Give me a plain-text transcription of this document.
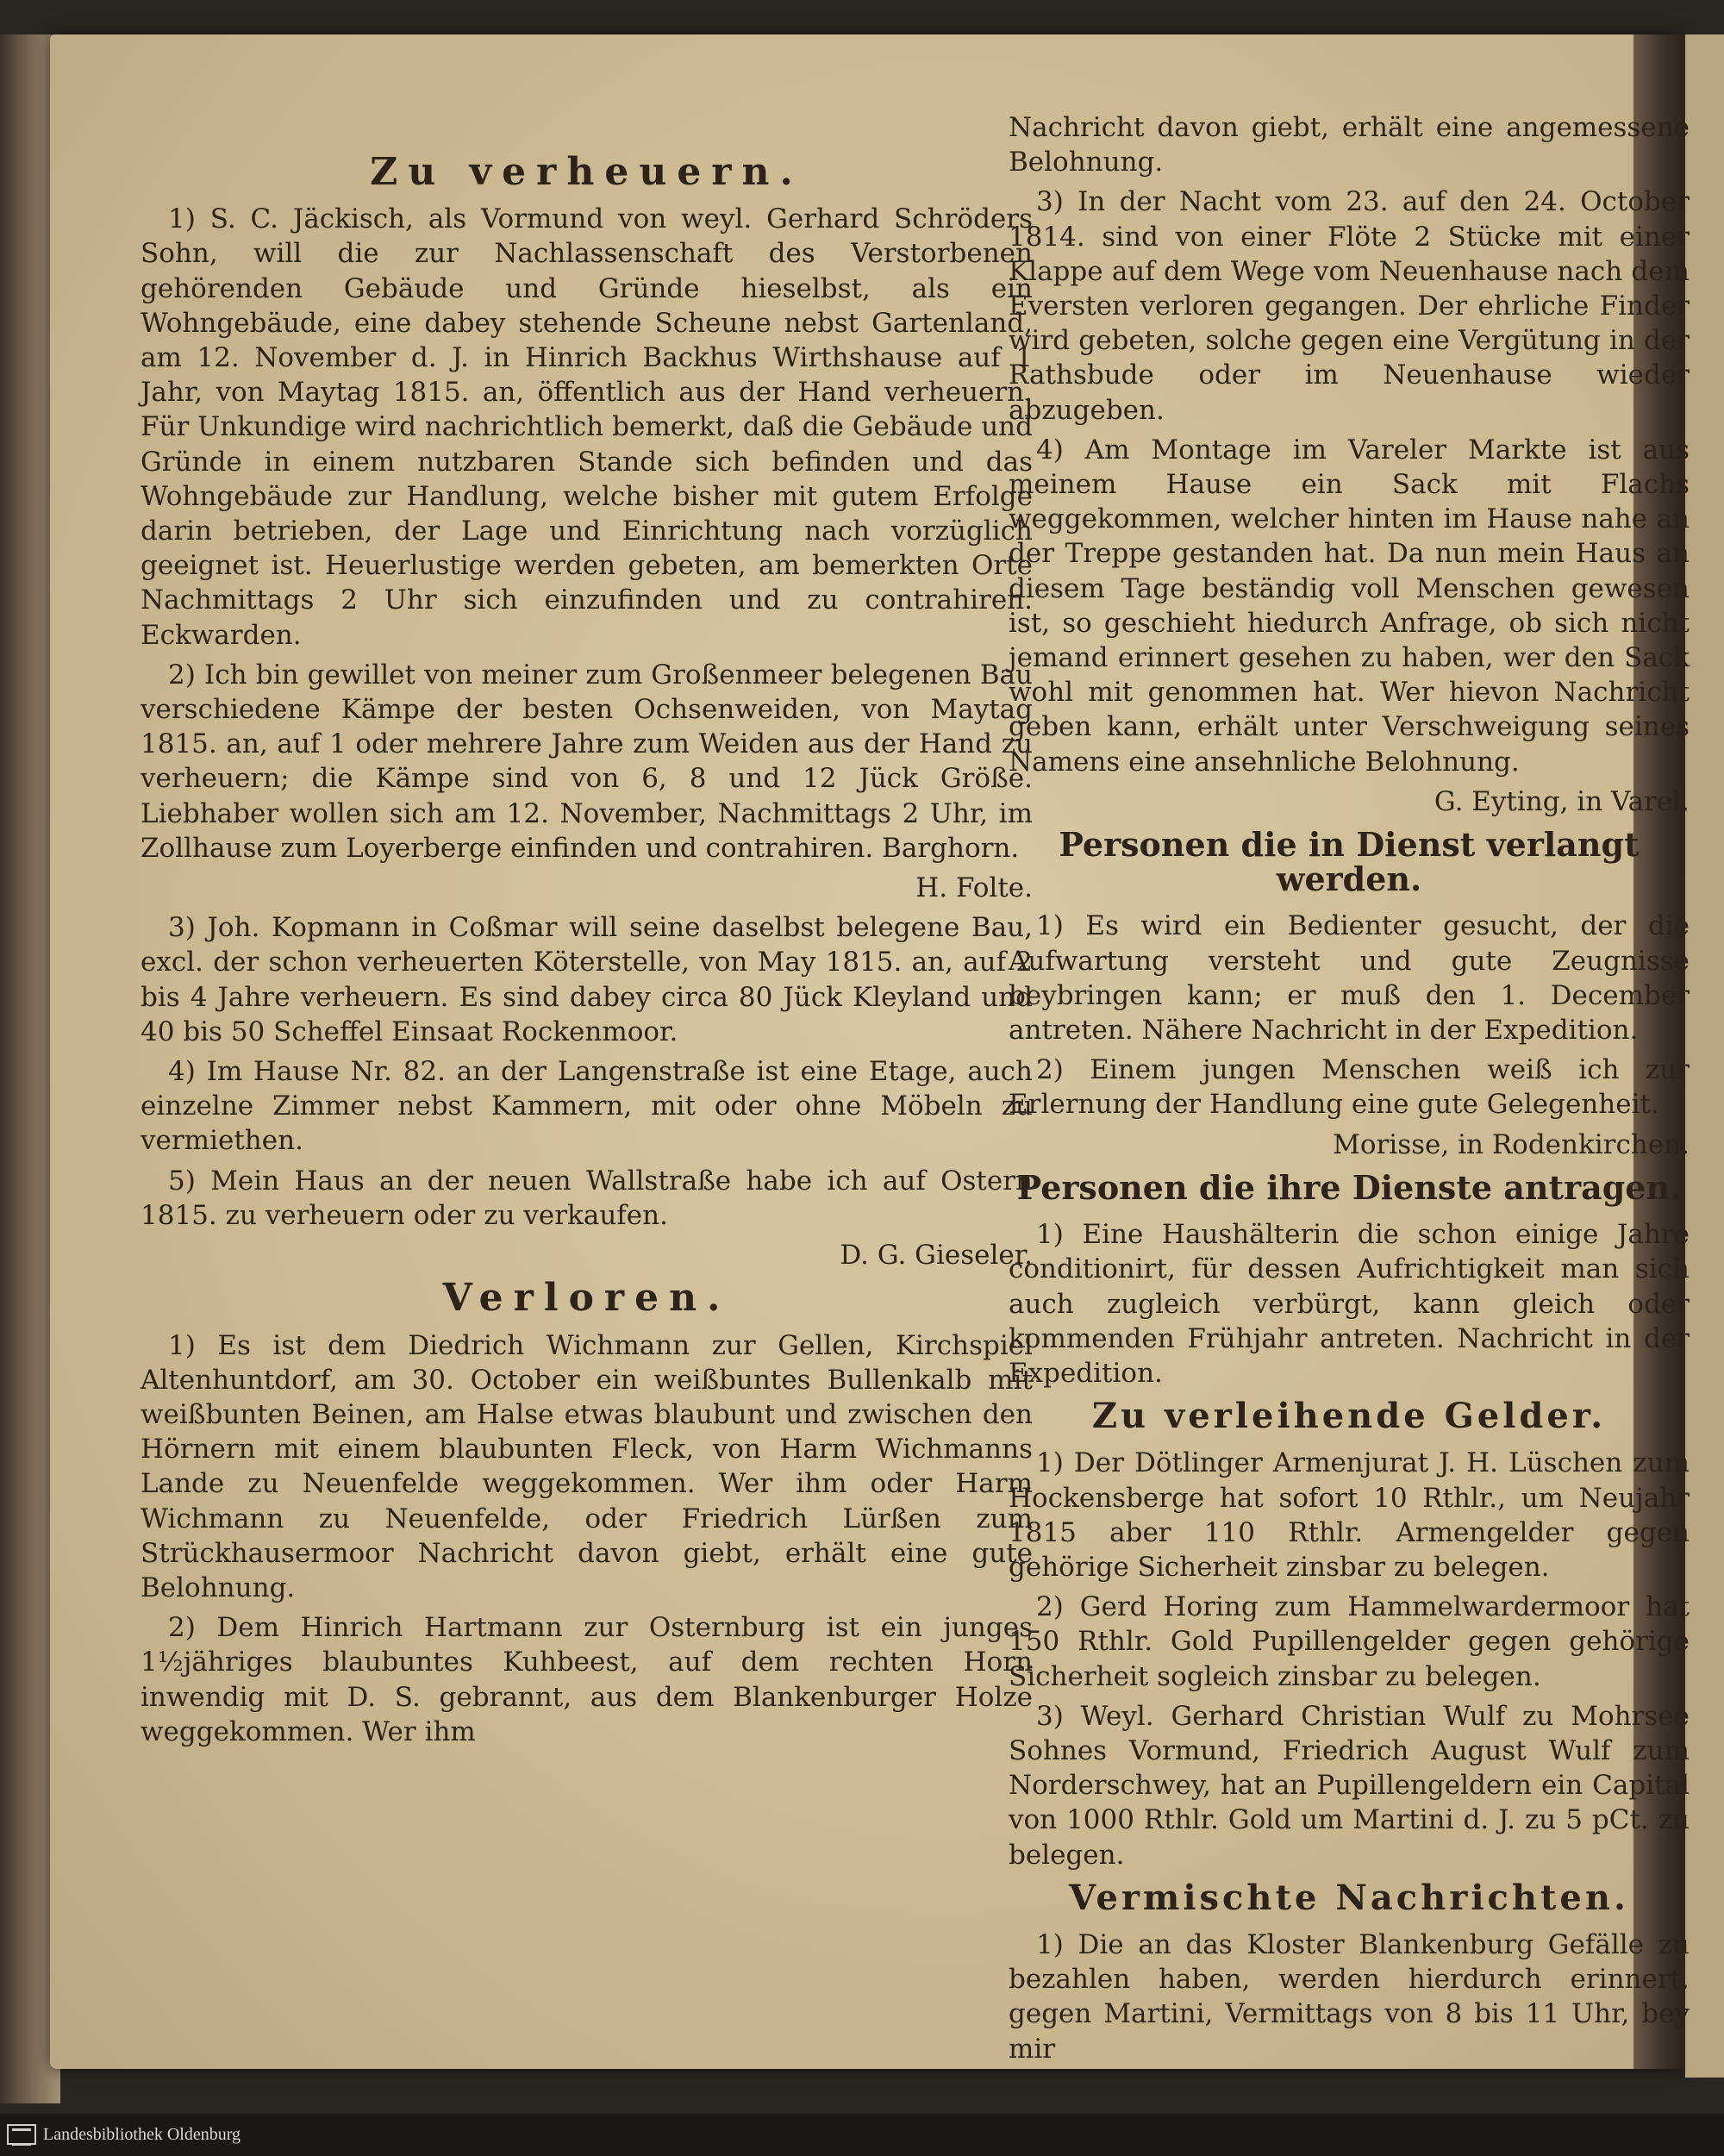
Zu verheuern.

1) S. C. Jäckisch, als Vormund von weyl. Gerhard Schröders Sohn, will die zur Nachlassenschaft des Verstorbenen gehörenden Gebäude und Gründe hieselbst, als ein Wohngebäude, eine dabey stehende Scheune nebst Gartenland, am 12. November d. J. in Hinrich Backhus Wirthshause auf 1 Jahr, von Maytag 1815. an, öffentlich aus der Hand verheuern. Für Unkundige wird nachrichtlich bemerkt, daß die Gebäude und Gründe in einem nutzbaren Stande sich befinden und das Wohngebäude zur Handlung, welche bisher mit gutem Erfolge darin betrieben, der Lage und Einrichtung nach vorzüglich geeignet ist. Heuerlustige werden gebeten, am bemerkten Orte Nachmittags 2 Uhr sich einzufinden und zu contrahiren. Eckwarden.

2) Ich bin gewillet von meiner zum Großenmeer belegenen Bau verschiedene Kämpe der besten Ochsenweiden, von Maytag 1815. an, auf 1 oder mehrere Jahre zum Weiden aus der Hand zu verheuern; die Kämpe sind von 6, 8 und 12 Jück Größe. Liebhaber wollen sich am 12. November, Nachmittags 2 Uhr, im Zollhause zum Loyerberge einfinden und contrahiren. Barghorn.

H. Folte.

3) Joh. Kopmann in Coßmar will seine daselbst belegene Bau, excl. der schon verheuerten Köterstelle, von May 1815. an, auf 2 bis 4 Jahre verheuern. Es sind dabey circa 80 Jück Kleyland und 40 bis 50 Scheffel Einsaat Rockenmoor.

4) Im Hause Nr. 82. an der Langenstraße ist eine Etage, auch einzelne Zimmer nebst Kammern, mit oder ohne Möbeln zu vermiethen.

5) Mein Haus an der neuen Wallstraße habe ich auf Ostern 1815. zu verheuern oder zu verkaufen.

D. G. Gieseler.
Verloren.

1) Es ist dem Diedrich Wichmann zur Gellen, Kirchspiel Altenhuntdorf, am 30. October ein weißbuntes Bullenkalb mit weißbunten Beinen, am Halse etwas blaubunt und zwischen den Hörnern mit einem blaubunten Fleck, von Harm Wichmanns Lande zu Neuenfelde weggekommen. Wer ihm oder Harm Wichmann zu Neuenfelde, oder Friedrich Lürßen zum Strückhausermoor Nachricht davon giebt, erhält eine gute Belohnung.

2) Dem Hinrich Hartmann zur Osternburg ist ein junges 1½jähriges blaubuntes Kuhbeest, auf dem rechten Horn inwendig mit D. S. gebrannt, aus dem Blankenburger Holze weggekommen. Wer ihm

Nachricht davon giebt, erhält eine angemessene Belohnung.

3) In der Nacht vom 23. auf den 24. October 1814. sind von einer Flöte 2 Stücke mit einer Klappe auf dem Wege vom Neuenhause nach dem Eversten verloren gegangen. Der ehrliche Finder wird gebeten, solche gegen eine Vergütung in der Rathsbude oder im Neuenhause wieder abzugeben.

4) Am Montage im Vareler Markte ist aus meinem Hause ein Sack mit Flachs weggekommen, welcher hinten im Hause nahe an der Treppe gestanden hat. Da nun mein Haus an diesem Tage beständig voll Menschen gewesen ist, so geschieht hiedurch Anfrage, ob sich nicht jemand erinnert gesehen zu haben, wer den Sack wohl mit genommen hat. Wer hievon Nachricht geben kann, erhält unter Verschweigung seines Namens eine ansehnliche Belohnung.

G. Eyting, in Varel.
Personen die in Dienst verlangt werden.

1) Es wird ein Bedienter gesucht, der die Aufwartung versteht und gute Zeugnisse beybringen kann; er muß den 1. December antreten. Nähere Nachricht in der Expedition.

2) Einem jungen Menschen weiß ich zur Erlernung der Handlung eine gute Gelegenheit.

Morisse, in Rodenkirchen.
Personen die ihre Dienste antragen.

1) Eine Haushälterin die schon einige Jahre conditionirt, für dessen Aufrichtigkeit man sich auch zugleich verbürgt, kann gleich oder kommenden Frühjahr antreten. Nachricht in der Expedition.

Zu verleihende Gelder.

1) Der Dötlinger Armenjurat J. H. Lüschen zum Hockensberge hat sofort 10 Rthlr., um Neujahr 1815 aber 110 Rthlr. Armengelder gegen gehörige Sicherheit zinsbar zu belegen.

2) Gerd Horing zum Hammelwardermoor hat 150 Rthlr. Gold Pupillengelder gegen gehörige Sicherheit sogleich zinsbar zu belegen.

3) Weyl. Gerhard Christian Wulf zu Mohrsee Sohnes Vormund, Friedrich August Wulf zum Norderschwey, hat an Pupillengeldern ein Capital von 1000 Rthlr. Gold um Martini d. J. zu 5 pCt. zu belegen.

Vermischte Nachrichten.

1) Die an das Kloster Blankenburg Gefälle zu bezahlen haben, werden hierdurch erinnert, gegen Martini, Vermittags von 8 bis 11 Uhr, bey mir

Landesbibliothek Oldenburg
